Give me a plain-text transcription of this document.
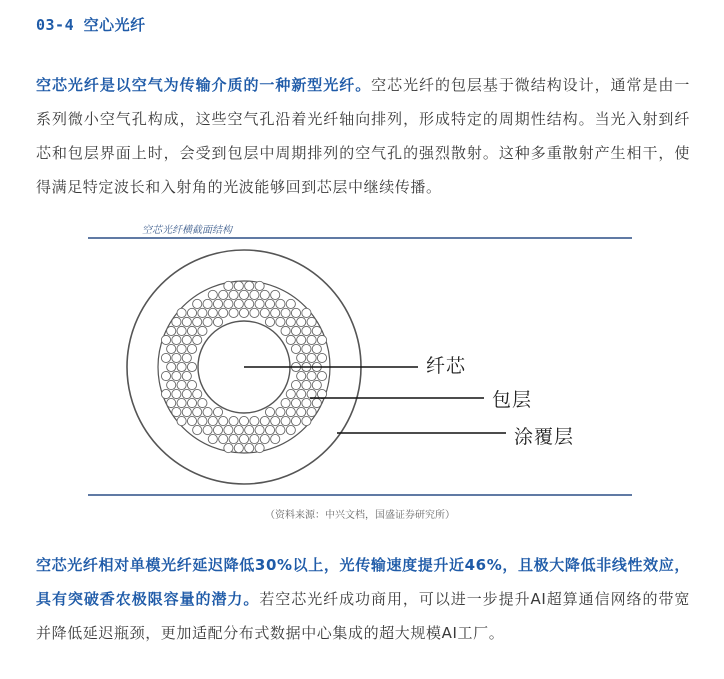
03-4 空心光纤
空芯光纤是以空气为传输介质的一种新型光纤。空芯光纤的包层基于微结构设计，通常是由一系列微小空气孔构成，这些空气孔沿着光纤轴向排列，形成特定的周期性结构。当光入射到纤芯和包层界面上时，会受到包层中周期排列的空气孔的强烈散射。这种多重散射产生相干，使得满足特定波长和入射角的光波能够回到芯层中继续传播。
空芯光纤横截面结构
纤芯
包层
涂覆层
（资料来源：中兴文档，国盛证券研究所）
空芯光纤相对单模光纤延迟降低30%以上，光传输速度提升近46%，且极大降低非线性效应，具有突破香农极限容量的潜力。若空芯光纤成功商用，可以进一步提升AI超算通信网络的带宽并降低延迟瓶颈，更加适配分布式数据中心集成的超大规模AI工厂。
